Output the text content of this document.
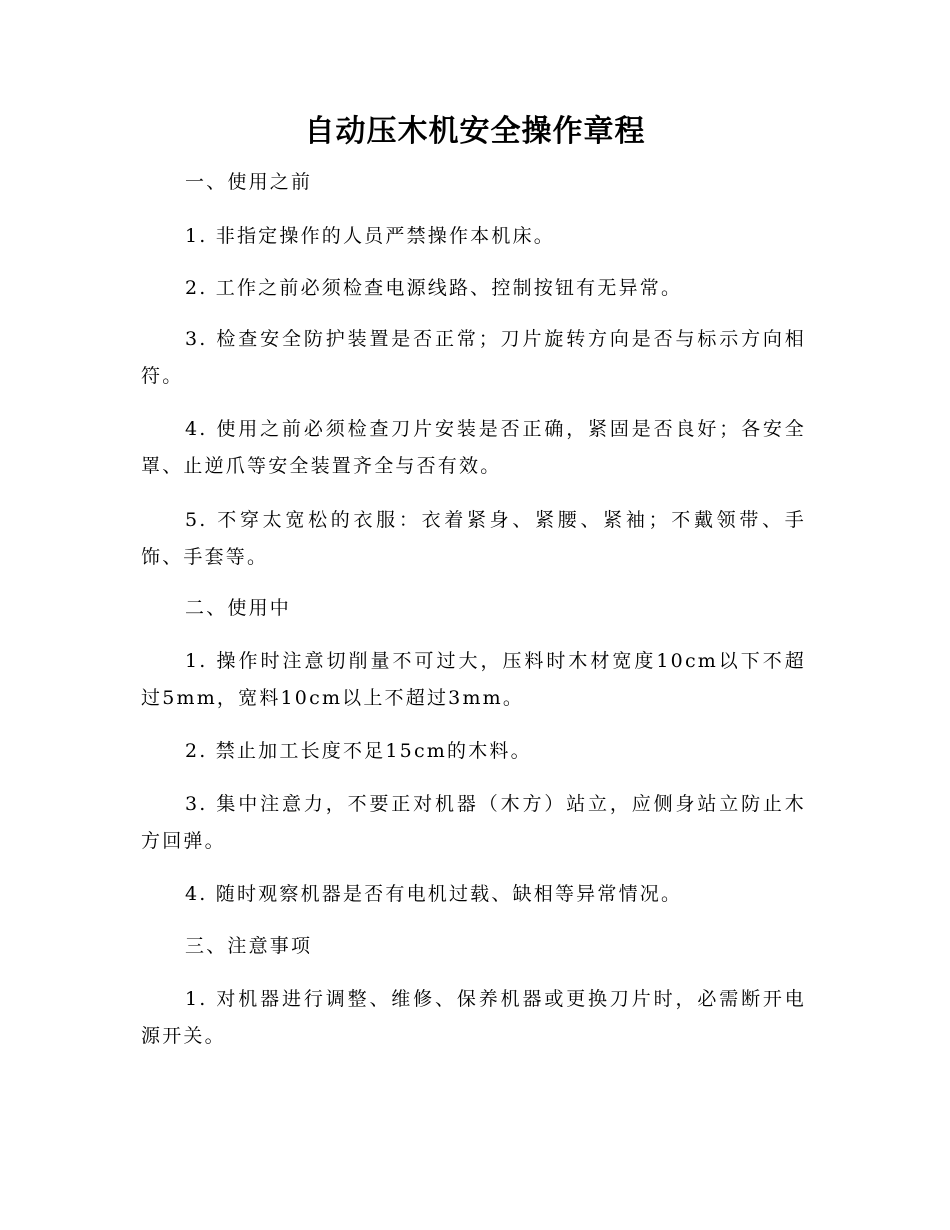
自动压木机安全操作章程

一、使用之前

1. 非指定操作的人员严禁操作本机床。

2. 工作之前必须检查电源线路、控制按钮有无异常。

3. 检查安全防护装置是否正常；刀片旋转方向是否与标示方向相符。

4. 使用之前必须检查刀片安装是否正确，紧固是否良好；各安全罩、止逆爪等安全装置齐全与否有效。

5. 不穿太宽松的衣服：衣着紧身、紧腰、紧袖；不戴领带、手饰、手套等。

二、使用中

1. 操作时注意切削量不可过大，压料时木材宽度10cm以下不超过5mm，宽料10cm以上不超过3mm。

2. 禁止加工长度不足15cm的木料。

3. 集中注意力，不要正对机器（木方）站立，应侧身站立防止木方回弹。

4. 随时观察机器是否有电机过载、缺相等异常情况。

三、注意事项

1. 对机器进行调整、维修、保养机器或更换刀片时，必需断开电源开关。
